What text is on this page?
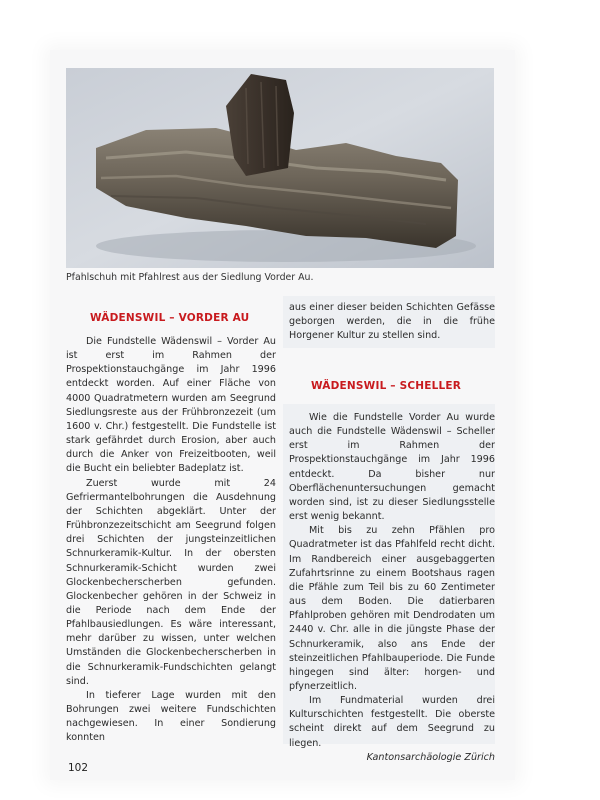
Pfahlschuh mit Pfahlrest aus der Siedlung Vorder Au.
WÄDENSWIL – VORDER AU

Die Fundstelle Wädenswil – Vorder Au ist erst im Rahmen der Prospektionstauchgänge im Jahr 1996 entdeckt worden. Auf einer Fläche von 4000 Quadratmetern wurden am Seegrund Siedlungsreste aus der Frühbronzezeit (um 1600 v. Chr.) festgestellt. Die Fundstelle ist stark gefährdet durch Erosion, aber auch durch die Anker von Freizeitbooten, weil die Bucht ein beliebter Badeplatz ist.

Zuerst wurde mit 24 Gefriermantelbohrungen die Ausdehnung der Schichten abgeklärt. Unter der Frühbronzezeitschicht am Seegrund folgen drei Schichten der jungsteinzeitlichen Schnurkeramik-Kultur. In der obersten Schnurkeramik-Schicht wurden zwei Glockenbecherscherben gefunden. Glockenbecher gehören in der Schweiz in die Periode nach dem Ende der Pfahlbausiedlungen. Es wäre interessant, mehr darüber zu wissen, unter welchen Umständen die Glockenbecherscherben in die Schnurkeramik-Fundschichten gelangt sind.

In tieferer Lage wurden mit den Bohrungen zwei weitere Fundschichten nachgewiesen. In einer Sondierung konnten

aus einer dieser beiden Schichten Gefässe geborgen werden, die in die frühe Horgener Kultur zu stellen sind.

WÄDENSWIL – SCHELLER

Wie die Fundstelle Vorder Au wurde auch die Fundstelle Wädenswil – Scheller erst im Rahmen der Prospektionstauchgänge im Jahr 1996 entdeckt. Da bisher nur Oberflächenuntersuchungen gemacht worden sind, ist zu dieser Siedlungsstelle erst wenig bekannt.

Mit bis zu zehn Pfählen pro Quadratmeter ist das Pfahlfeld recht dicht. Im Randbereich einer ausgebaggerten Zufahrtsrinne zu einem Bootshaus ragen die Pfähle zum Teil bis zu 60 Zentimeter aus dem Boden. Die datierbaren Pfahlproben gehören mit Dendrodaten um 2440 v. Chr. alle in die jüngste Phase der Schnurkeramik, also ans Ende der steinzeitlichen Pfahlbauperiode. Die Funde hingegen sind älter: horgen- und pfynerzeitlich.

Im Fundmaterial wurden drei Kulturschichten festgestellt. Die oberste scheint direkt auf dem Seegrund zu liegen.

Kantonsarchäologie Zürich

102
